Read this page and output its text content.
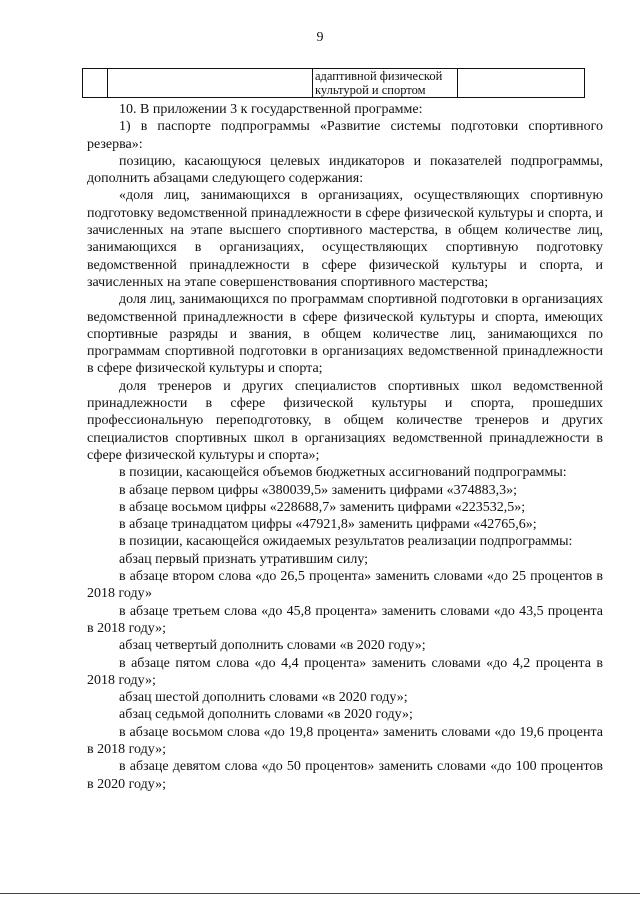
9
		адаптивной физической
культурой и спортом	

10. В приложении 3 к государственной программе:

1) в паспорте подпрограммы «Развитие системы подготовки спортивного резерва»:

позицию, касающуюся целевых индикаторов и показателей подпрограммы, дополнить абзацами следующего содержания:

«доля лиц, занимающихся в организациях, осуществляющих спортивную подготовку ведомственной принадлежности в сфере физической культуры и спорта, и зачисленных на этапе высшего спортивного мастерства, в общем количестве лиц, занимающихся в организациях, осуществляющих спортивную подготовку ведомственной принадлежности в сфере физической культуры и спорта, и зачисленных на этапе совершенствования спортивного мастерства;

доля лиц, занимающихся по программам спортивной подготовки в организациях ведомственной принадлежности в сфере физической культуры и спорта, имеющих спортивные разряды и звания, в общем количестве лиц, занимающихся по программам спортивной подготовки в организациях ведомственной принадлежности в сфере физической культуры и спорта;

доля тренеров и других специалистов спортивных школ ведомственной принадлежности в сфере физической культуры и спорта, прошедших профессиональную переподготовку, в общем количестве тренеров и других специалистов спортивных школ в организациях ведомственной принадлежности в сфере физической культуры и спорта»;

в позиции, касающейся объемов бюджетных ассигнований подпрограммы:

в абзаце первом цифры «380039,5» заменить цифрами «374883,3»;

в абзаце восьмом цифры «228688,7» заменить цифрами «223532,5»;

в абзаце тринадцатом цифры «47921,8» заменить цифрами «42765,6»;

в позиции, касающейся ожидаемых результатов реализации подпрограммы:

абзац первый признать утратившим силу;

в абзаце втором слова «до 26,5 процента» заменить словами «до 25 процентов в 2018 году»

в абзаце третьем слова «до 45,8 процента» заменить словами «до 43,5 процента в 2018 году»;

абзац четвертый дополнить словами «в 2020 году»;

в абзаце пятом слова «до 4,4 процента» заменить словами «до 4,2 процента в 2018 году»;

абзац шестой дополнить словами «в 2020 году»;

абзац седьмой дополнить словами «в 2020 году»;

в абзаце восьмом слова «до 19,8 процента» заменить словами «до 19,6 процента в 2018 году»;

в абзаце девятом слова «до 50 процентов» заменить словами «до 100 процентов в 2020 году»;
